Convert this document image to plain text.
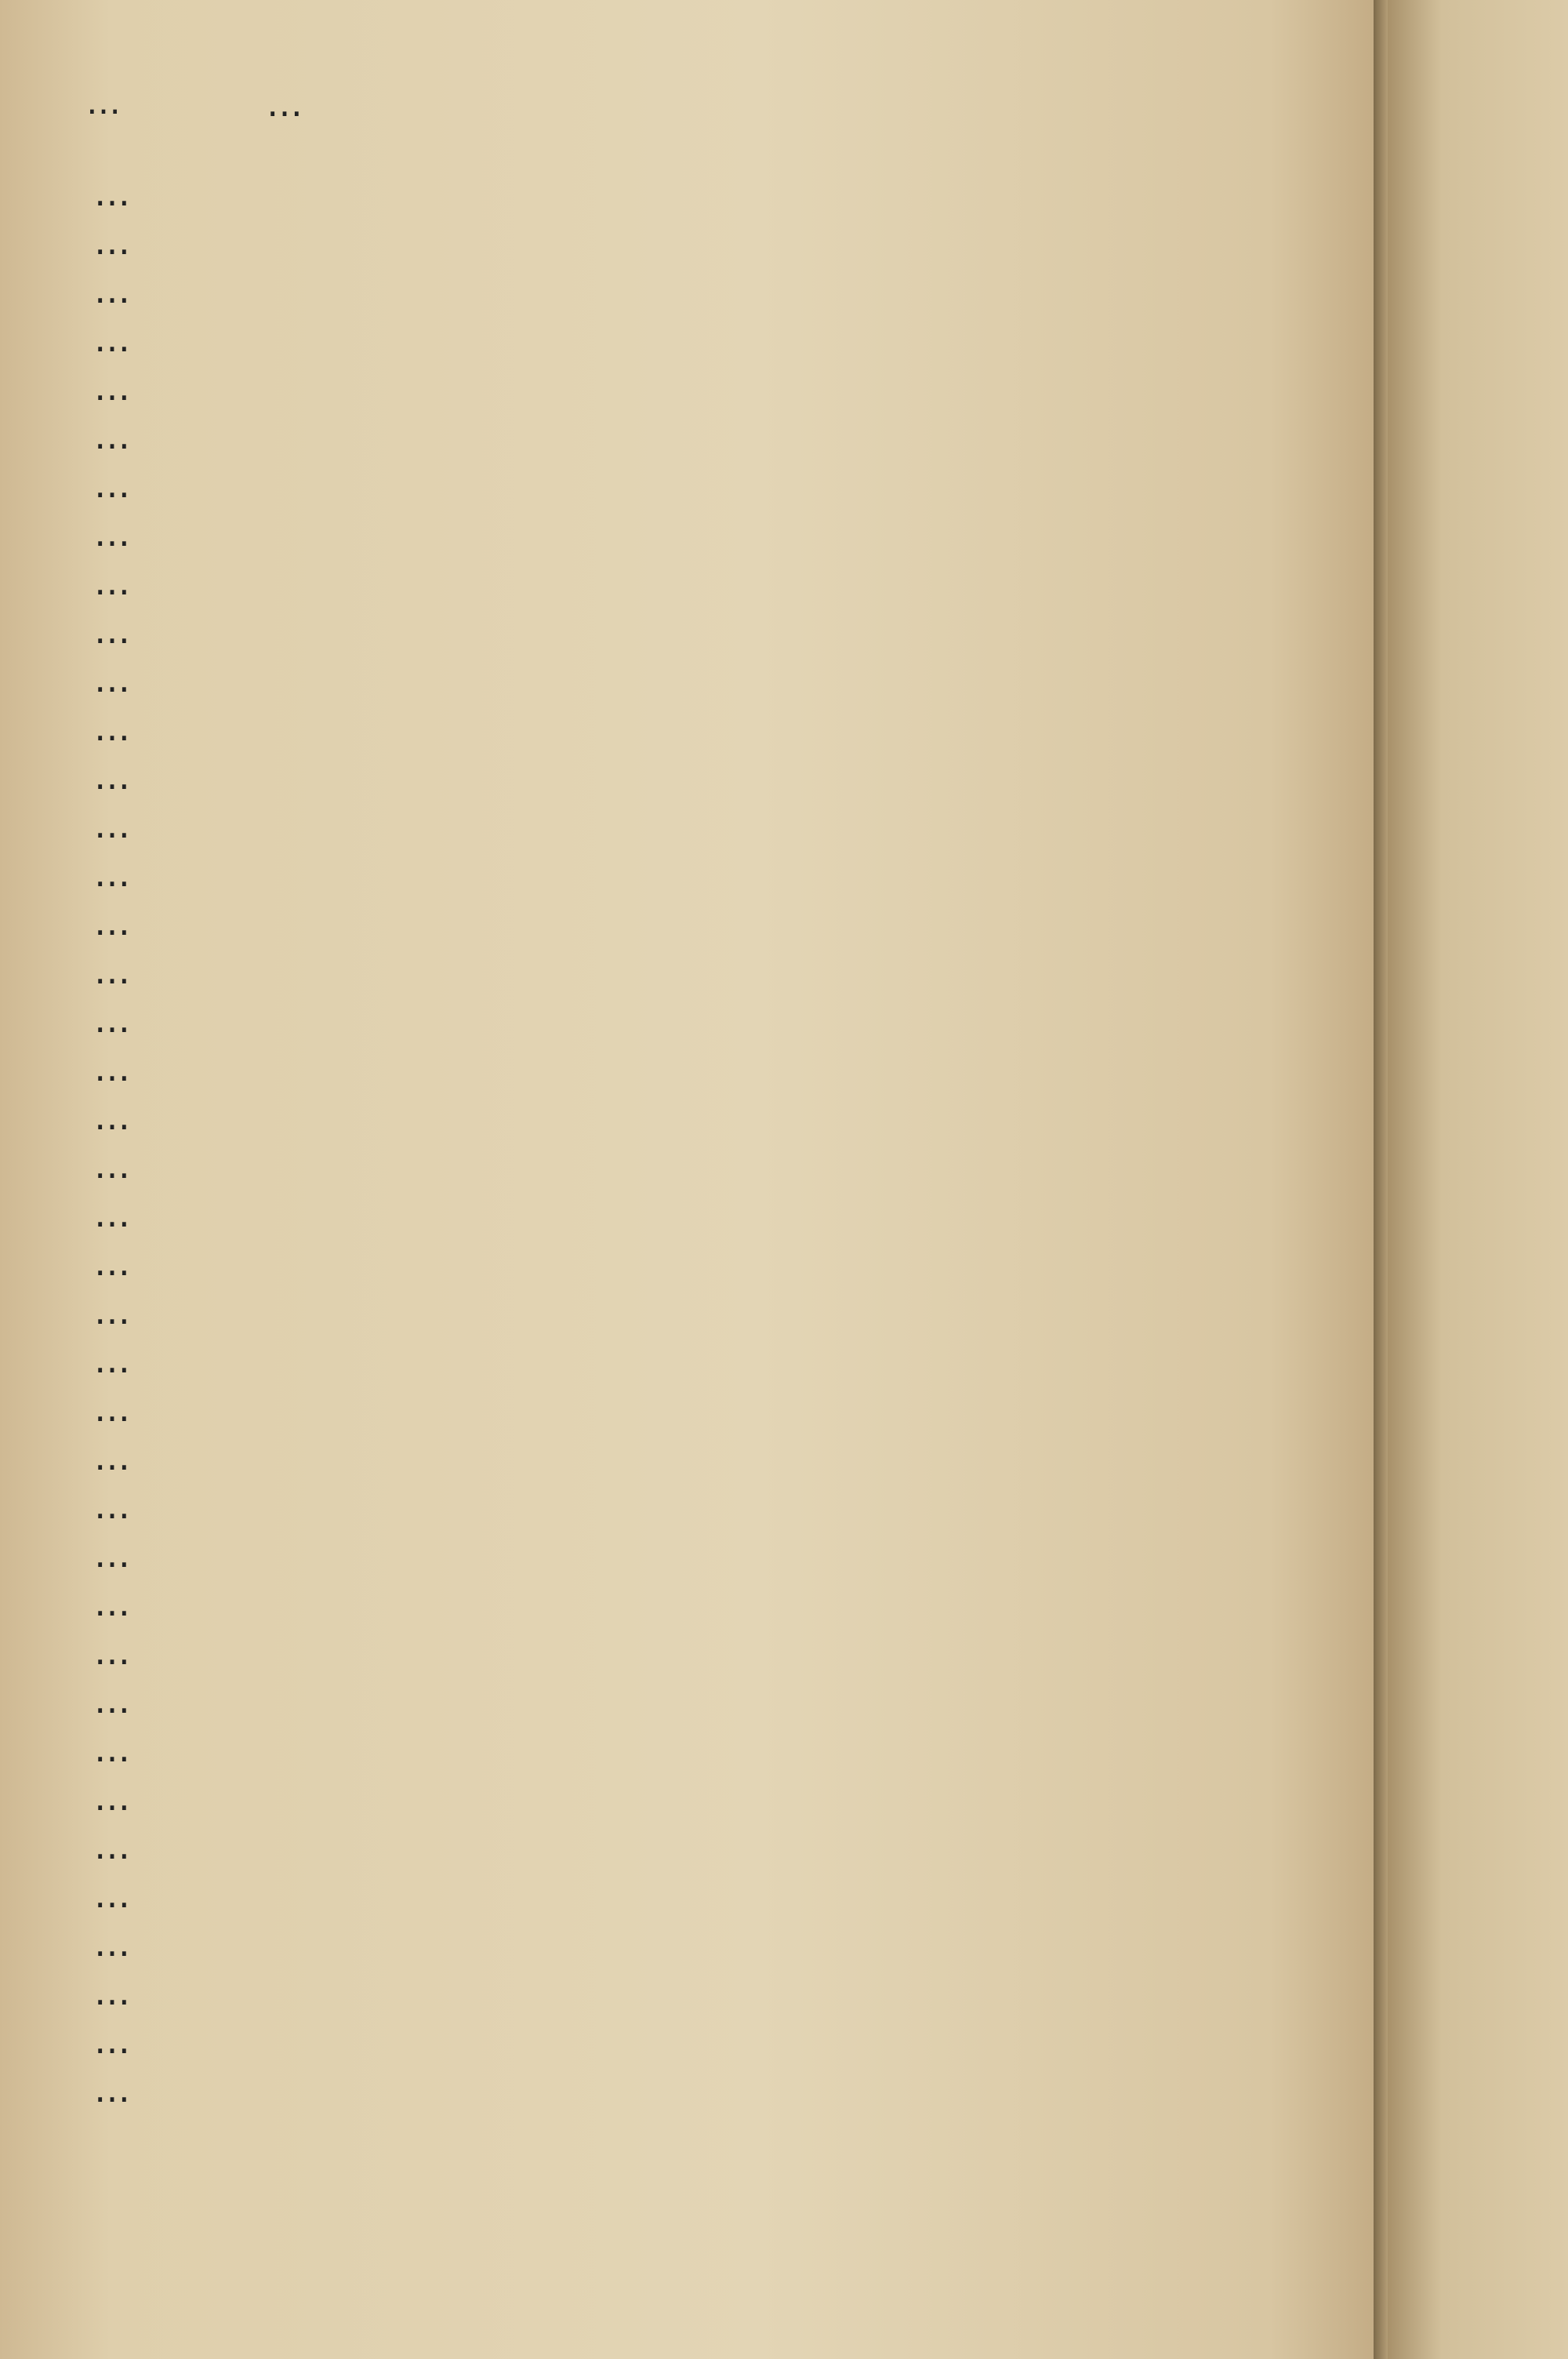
…	…
…
…
…
…
…
…
…
…
…
…
…
…
…
…
…
…
…
…
…
…
…
…
…
…
…
…
…
…
…
…
…
…
…
…
…
…
…
…
…
…
